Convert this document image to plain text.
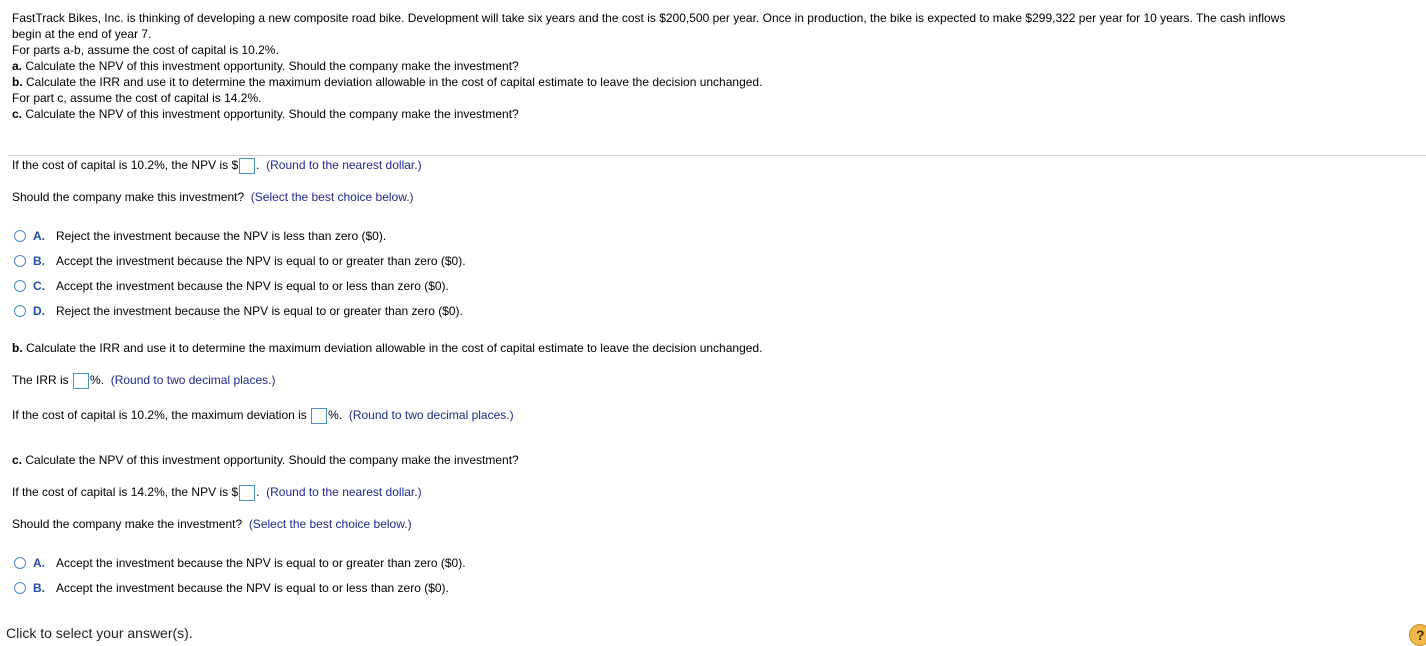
FastTrack Bikes, Inc. is thinking of developing a new composite road bike. Development will take six years and the cost is $200,500 per year. Once in production, the bike is expected to make $299,322 per year for 10 years. The cash inflows
begin at the end of year 7.
For parts a-b, assume the cost of capital is 10.2%.
a. Calculate the NPV of this investment opportunity. Should the company make the investment?
b. Calculate the IRR and use it to determine the maximum deviation allowable in the cost of capital estimate to leave the decision unchanged.
For part c, assume the cost of capital is 14.2%.
c. Calculate the NPV of this investment opportunity. Should the company make the investment?
If the cost of capital is 10.2%, the NPV is $ . (Round to the nearest dollar.)
Should the company make this investment? (Select the best choice below.)
A. Reject the investment because the NPV is less than zero ($0).
B. Accept the investment because the NPV is equal to or greater than zero ($0).
C. Accept the investment because the NPV is equal to or less than zero ($0).
D. Reject the investment because the NPV is equal to or greater than zero ($0).
b. Calculate the IRR and use it to determine the maximum deviation allowable in the cost of capital estimate to leave the decision unchanged.
The IRR is %. (Round to two decimal places.)
If the cost of capital is 10.2%, the maximum deviation is %. (Round to two decimal places.)
c. Calculate the NPV of this investment opportunity. Should the company make the investment?
If the cost of capital is 14.2%, the NPV is $ . (Round to the nearest dollar.)
Should the company make the investment? (Select the best choice below.)
A. Accept the investment because the NPV is equal to or greater than zero ($0).
B. Accept the investment because the NPV is equal to or less than zero ($0).
Click to select your answer(s).	?
